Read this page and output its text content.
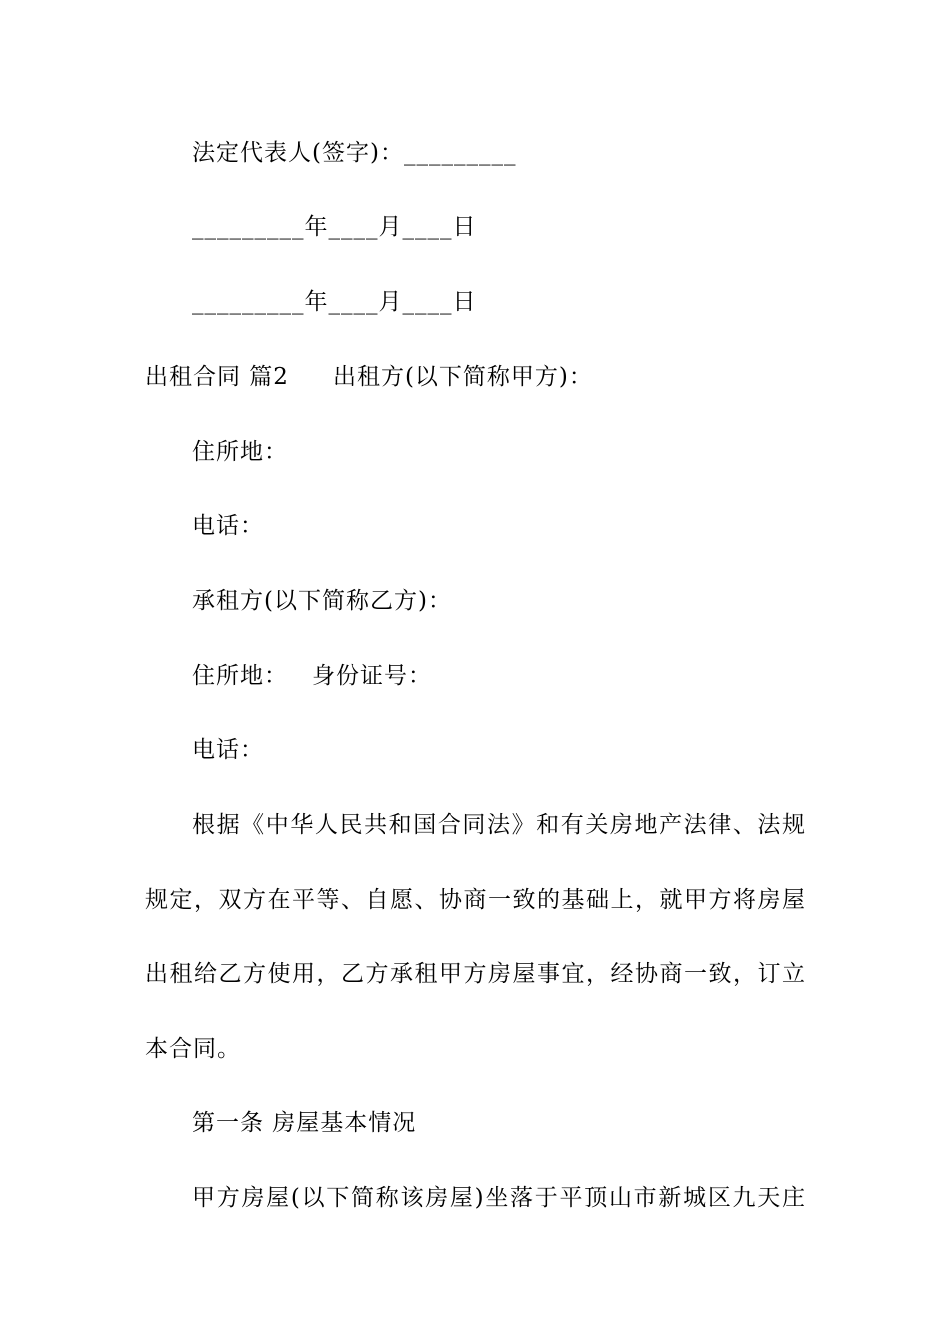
法定代表人(签字)：_________
_________年____月____日
_________年____月____日
出租合同 篇2 出租方(以下简称甲方)：
住所地：
电话：
承租方(以下简称乙方)：
住所地： 身份证号：
电话：
根据《中华人民共和国合同法》和有关房地产法律、法规
规定，双方在平等、自愿、协商一致的基础上，就甲方将房屋
出租给乙方使用，乙方承租甲方房屋事宜，经协商一致，订立
本合同。
第一条 房屋基本情况
甲方房屋(以下简称该房屋)坐落于平顶山市新城区九天庄
